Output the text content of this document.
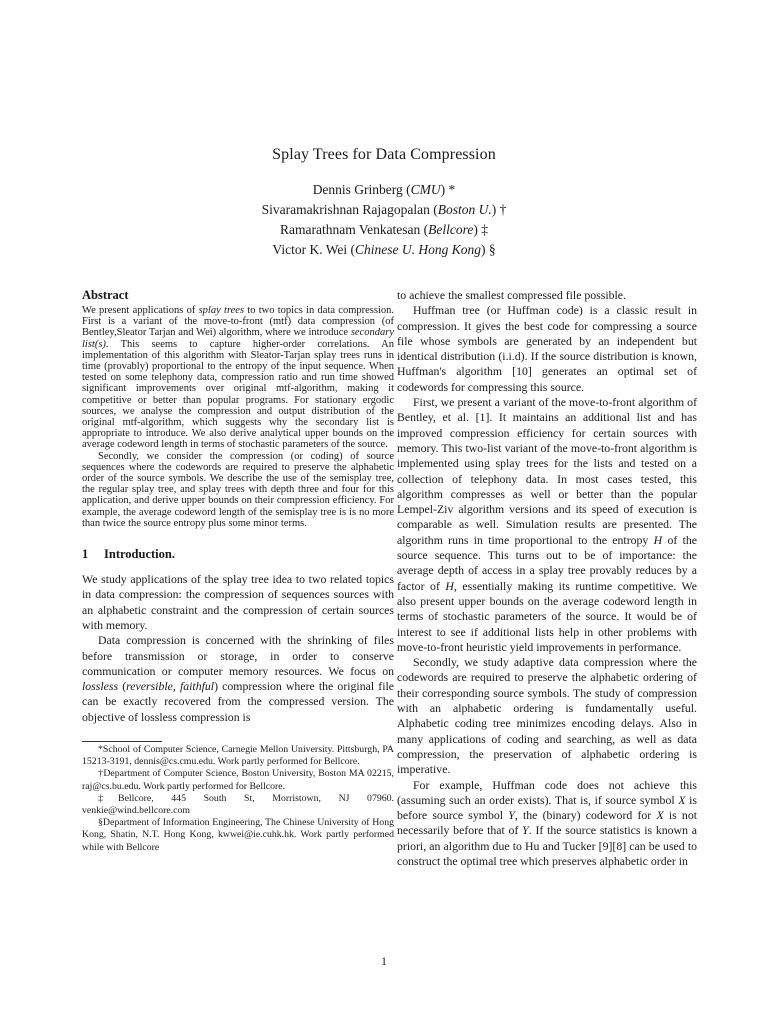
Splay Trees for Data Compression
Dennis Grinberg (CMU) *
Sivaramakrishnan Rajagopalan (Boston U.) †
Ramarathnam Venkatesan (Bellcore) ‡
Victor K. Wei (Chinese U. Hong Kong) §
Abstract

We present applications of splay trees to two topics in data compression. First is a variant of the move-to-front (mtf) data compression (of Bentley,Sleator Tarjan and Wei) algorithm, where we introduce secondary list(s). This seems to capture higher-order correlations. An implementation of this algorithm with Sleator-Tarjan splay trees runs in time (provably) proportional to the entropy of the input sequence. When tested on some telephony data, compression ratio and run time showed significant improvements over original mtf-algorithm, making it competitive or better than popular programs. For stationary ergodic sources, we analyse the compression and output distribution of the original mtf-algorithm, which suggests why the secondary list is appropriate to introduce. We also derive analytical upper bounds on the average codeword length in terms of stochastic parameters of the source.

Secondly, we consider the compression (or coding) of source sequences where the codewords are required to preserve the alphabetic order of the source symbols. We describe the use of the semisplay tree, the regular splay tree, and splay trees with depth three and four for this application, and derive upper bounds on their compression efficiency. For example, the average codeword length of the semisplay tree is is no more than twice the source entropy plus some minor terms.

1 Introduction.

We study applications of the splay tree idea to two related topics in data compression: the compression of sequences sources with an alphabetic constraint and the compression of certain sources with memory.

Data compression is concerned with the shrinking of files before transmission or storage, in order to conserve communication or computer memory resources. We focus on lossless (reversible, faithful) compression where the original file can be exactly recovered from the compressed version. The objective of lossless compression is

*School of Computer Science, Carnegie Mellon University. Pittsburgh, PA 15213-3191, dennis@cs.cmu.edu. Work partly performed for Bellcore.

†Department of Computer Science, Boston University, Boston MA 02215, raj@cs.bu.edu. Work partly performed for Bellcore.

‡Bellcore, 445 South St, Morristown, NJ 07960. venkie@wind.bellcore.com

§Department of Information Engineering, The Chinese University of Hong Kong, Shatin, N.T. Hong Kong, kwwei@ie.cuhk.hk. Work partly performed while with Bellcore

to achieve the smallest compressed file possible.

Huffman tree (or Huffman code) is a classic result in compression. It gives the best code for compressing a source file whose symbols are generated by an independent but identical distribution (i.i.d). If the source distribution is known, Huffman's algorithm [10] generates an optimal set of codewords for compressing this source.

First, we present a variant of the move-to-front algorithm of Bentley, et al. [1]. It maintains an additional list and has improved compression efficiency for certain sources with memory. This two-list variant of the move-to-front algorithm is implemented using splay trees for the lists and tested on a collection of telephony data. In most cases tested, this algorithm compresses as well or better than the popular Lempel-Ziv algorithm versions and its speed of execution is comparable as well. Simulation results are presented. The algorithm runs in time proportional to the entropy H of the source sequence. This turns out to be of importance: the average depth of access in a splay tree provably reduces by a factor of H, essentially making its runtime competitive. We also present upper bounds on the average codeword length in terms of stochastic parameters of the source. It would be of interest to see if additional lists help in other problems with move-to-front heuristic yield improvements in performance.

Secondly, we study adaptive data compression where the codewords are required to preserve the alphabetic ordering of their corresponding source symbols. The study of compression with an alphabetic ordering is fundamentally useful. Alphabetic coding tree minimizes encoding delays. Also in many applications of coding and searching, as well as data compression, the preservation of alphabetic ordering is imperative.

For example, Huffman code does not achieve this (assuming such an order exists). That is, if source symbol X is before source symbol Y, the (binary) codeword for X is not necessarily before that of Y. If the source statistics is known a priori, an algorithm due to Hu and Tucker [9][8] can be used to construct the optimal tree which preserves alphabetic order in

1
